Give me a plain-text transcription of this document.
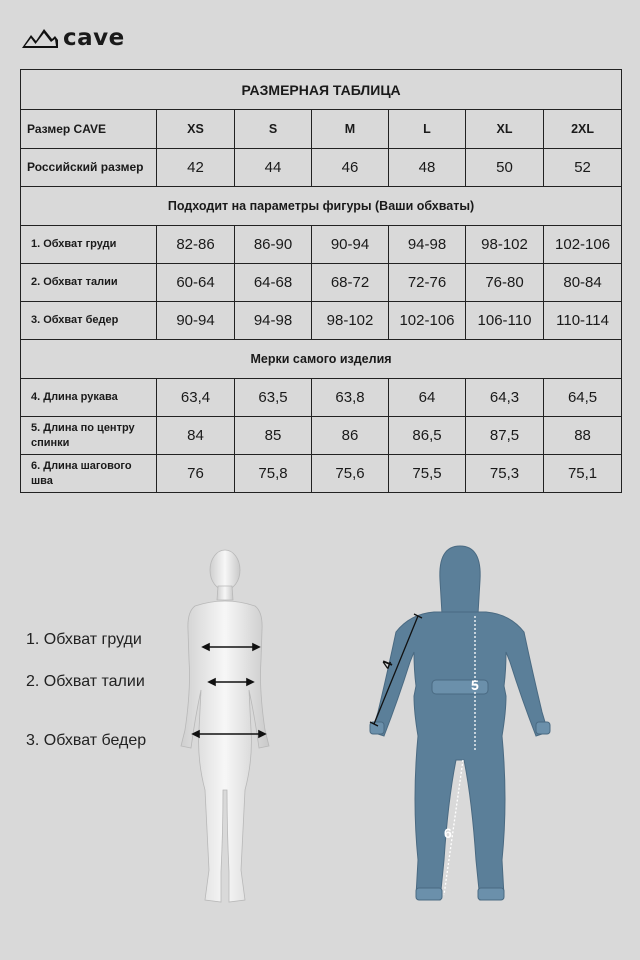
cave
РАЗМЕРНАЯ ТАБЛИЦА						
Размер CAVE	XS	S	M	L	XL	2XL
Российский размер	42	44	46	48	50	52
Подходит на параметры фигуры (Ваши обхваты)						
1. Обхват груди	82-86	86-90	90-94	94-98	98-102	102-106
2. Обхват талии	60-64	64-68	68-72	72-76	76-80	80-84
3. Обхват бедер	90-94	94-98	98-102	102-106	106-110	110-114
Мерки самого изделия						
4. Длина рукава	63,4	63,5	63,8	64	64,3	64,5
5. Длина по центру спинки	84	85	86	86,5	87,5	88
6. Длина шагового шва	76	75,8	75,6	75,5	75,3	75,1
1. Обхват груди
2. Обхват талии
3. Обхват бедер
4
5
6
